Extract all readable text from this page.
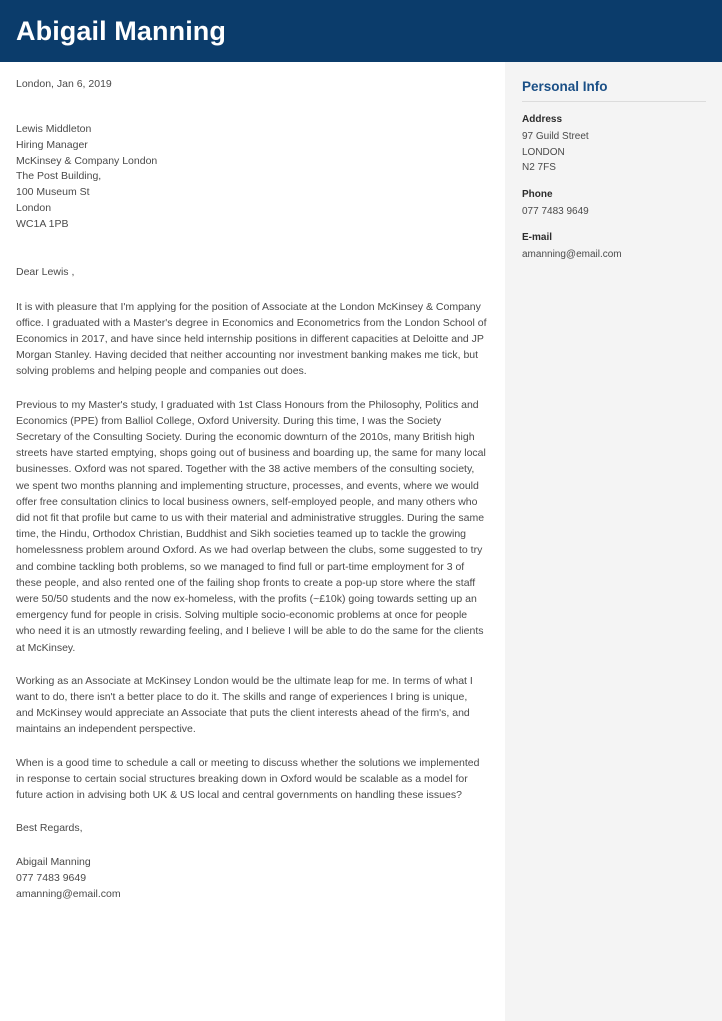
Abigail Manning
London, Jan 6, 2019
Lewis Middleton
Hiring Manager
McKinsey & Company London
The Post Building,
100 Museum St
London
WC1A 1PB
Dear Lewis ,
It is with pleasure that I'm applying for the position of Associate at the London McKinsey & Company office. I graduated with a Master's degree in Economics and Econometrics from the London School of Economics in 2017, and have since held internship positions in different capacities at Deloitte and JP Morgan Stanley. Having decided that neither accounting nor investment banking makes me tick, but solving problems and helping people and companies out does.
Previous to my Master's study, I graduated with 1st Class Honours from the Philosophy, Politics and Economics (PPE) from Balliol College, Oxford University. During this time, I was the Society Secretary of the Consulting Society. During the economic downturn of the 2010s, many British high streets have started emptying, shops going out of business and boarding up, the same for many local businesses. Oxford was not spared. Together with the 38 active members of the consulting society, we spent two months planning and implementing structure, processes, and events, where we would offer free consultation clinics to local business owners, self-employed people, and many others who did not fit that profile but came to us with their material and administrative struggles. During the same time, the Hindu, Orthodox Christian, Buddhist and Sikh societies teamed up to tackle the growing homelessness problem around Oxford. As we had overlap between the clubs, some suggested to try and combine tackling both problems, so we managed to find full or part-time employment for 3 of these people, and also rented one of the failing shop fronts to create a pop-up store where the staff were 50/50 students and the now ex-homeless, with the profits (~£10k) going towards setting up an emergency fund for people in crisis. Solving multiple socio-economic problems at once for people who need it is an utmostly rewarding feeling, and I believe I will be able to do the same for the clients at McKinsey.
Working as an Associate at McKinsey London would be the ultimate leap for me. In terms of what I want to do, there isn't a better place to do it. The skills and range of experiences I bring is unique, and McKinsey would appreciate an Associate that puts the client interests ahead of the firm's, and maintains an independent perspective.
When is a good time to schedule a call or meeting to discuss whether the solutions we implemented in response to certain social structures breaking down in Oxford would be scalable as a model for future action in advising both UK & US local and central governments on handling these issues?
Best Regards,
Abigail Manning
077 7483 9649
amanning@email.com
Personal Info
Address
97 Guild Street
LONDON
N2 7FS
Phone
077 7483 9649
E-mail
amanning@email.com
